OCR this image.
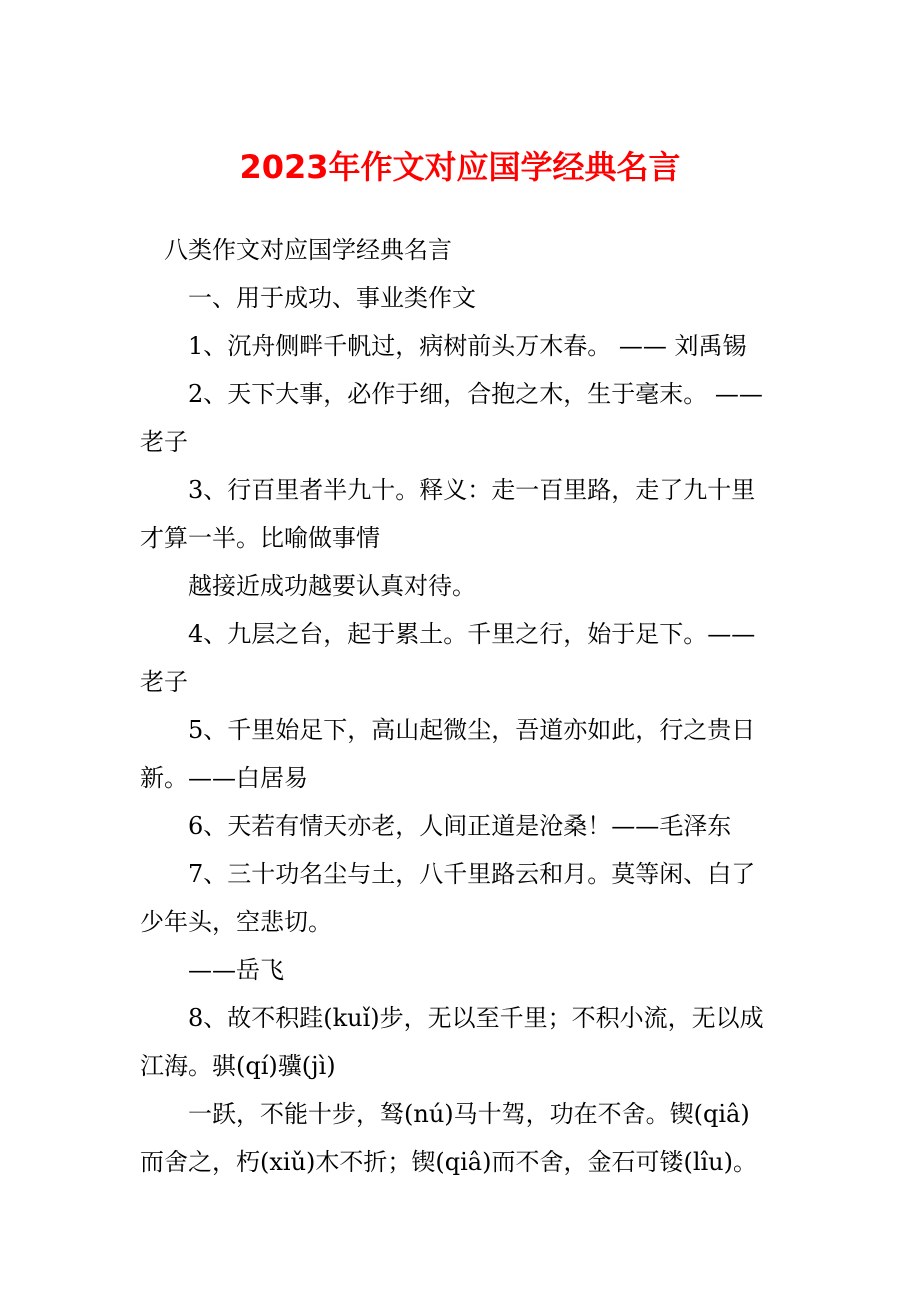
2023年作文对应国学经典名言

八类作文对应国学经典名言

一、用于成功、事业类作文

1、沉舟侧畔千帆过，病树前头万木春。 —— 刘禹锡

2、天下大事，必作于细，合抱之木，生于毫末。 ——

老子

3、行百里者半九十。释义：走一百里路，走了九十里

才算一半。比喻做事情

越接近成功越要认真对待。

4、九层之台，起于累土。千里之行，始于足下。——

老子

5、千里始足下，高山起微尘，吾道亦如此，行之贵日

新。——白居易

6、天若有情天亦老，人间正道是沧桑！——毛泽东

7、三十功名尘与土，八千里路云和月。莫等闲、白了

少年头，空悲切。

——岳飞

8、故不积跬(kuǐ)步，无以至千里；不积小流，无以成

江海。骐(qí)骥(jì)

一跃，不能十步，驽(nú)马十驾，功在不舍。锲(qiâ)

而舍之，朽(xiǔ)木不折；锲(qiâ)而不舍，金石可镂(lîu)。
